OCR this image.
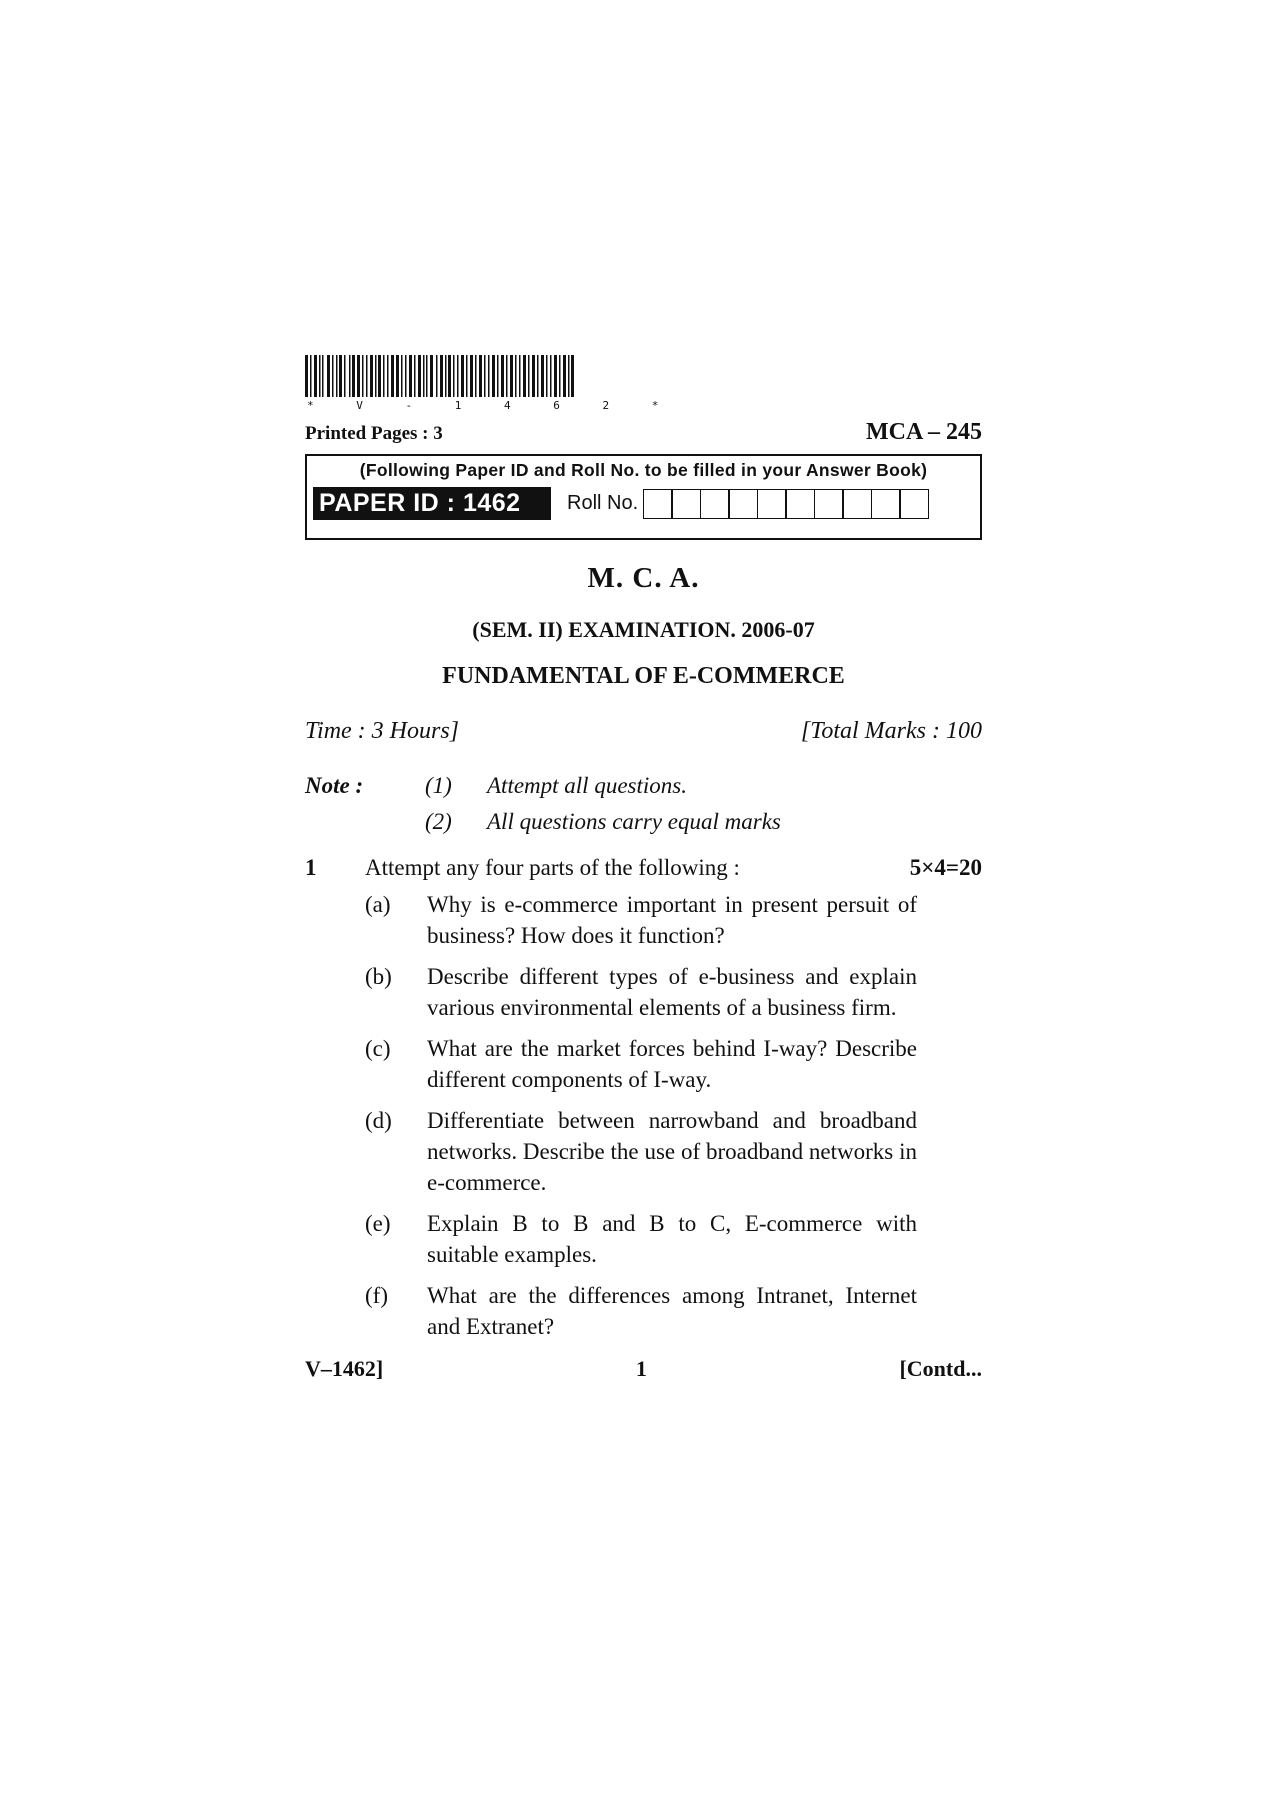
* V - 1 4 6 2 *
Printed Pages : 3	MCA – 245
(Following Paper ID and Roll No. to be filled in your Answer Book)
PAPER ID : 1462	Roll No.
M. C. A.
(SEM. II) EXAMINATION. 2006-07
FUNDAMENTAL OF E-COMMERCE
Time : 3 Hours]	[Total Marks : 100
Note :	(1)	Attempt all questions.
(2)	All questions carry equal marks
1	Attempt any four parts of the following :	5×4=20
(a)	Why is e-commerce important in present persuit of business? How does it function?
(b)	Describe different types of e-business and explain various environmental elements of a business firm.
(c)	What are the market forces behind I-way? Describe different components of I-way.
(d)	Differentiate between narrowband and broadband networks. Describe the use of broadband networks in e-commerce.
(e)	Explain B to B and B to C, E-commerce with suitable examples.
(f)	What are the differences among Intranet, Internet and Extranet?
V–1462]	1	[Contd...
